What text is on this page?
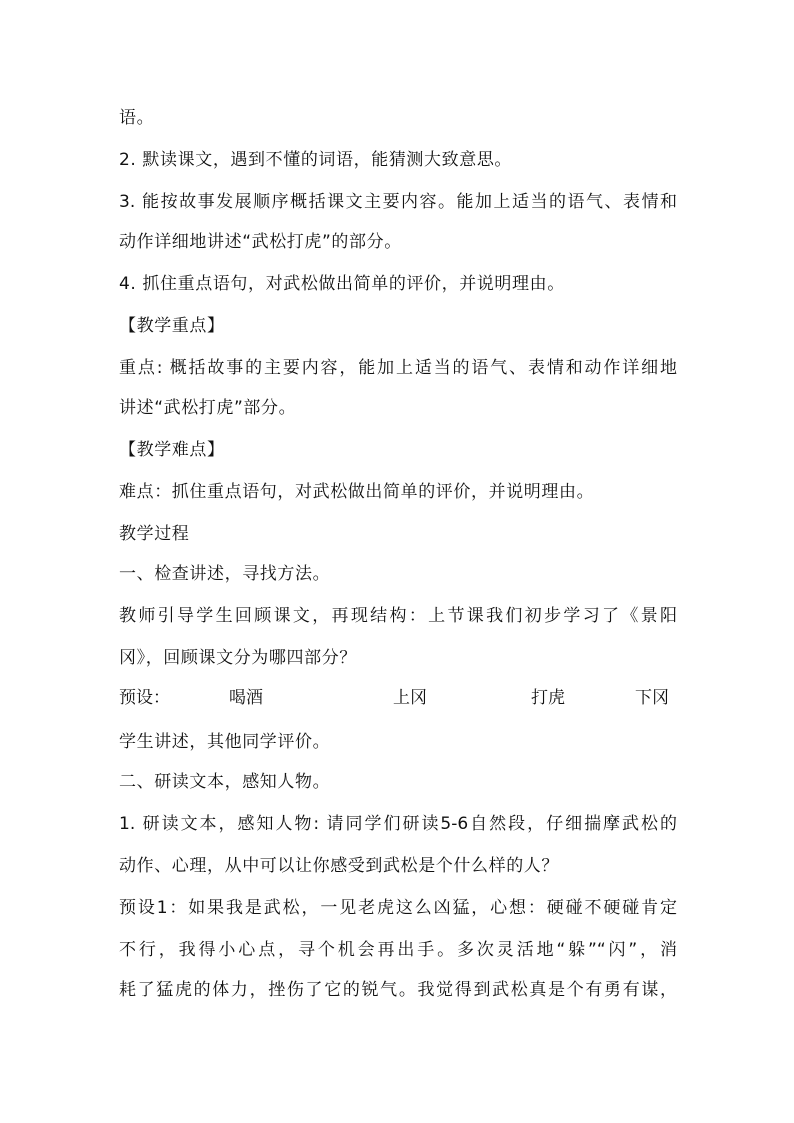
语。
2. 默读课文，遇到不懂的词语，能猜测大致意思。
3. 能按故事发展顺序概括课文主要内容。能加上适当的语气、表情和
动作详细地讲述“武松打虎”的部分。
4. 抓住重点语句，对武松做出简单的评价，并说明理由。
【教学重点】
重点: 概括故事的主要内容，能加上适当的语气、表情和动作详细地
讲述“武松打虎”部分。
【教学难点】
难点：抓住重点语句，对武松做出简单的评价，并说明理由。
教学过程
一、检查讲述，寻找方法。
教师引导学生回顾课文，再现结构：上节课我们初步学习了《景阳
冈》，回顾课文分为哪四部分？
预设：	喝酒	上冈	打虎	下冈
学生讲述，其他同学评价。
二、研读文本，感知人物。
1. 研读文本，感知人物: 请同学们研读5-6自然段，仔细揣摩武松的
动作、心理，从中可以让你感受到武松是个什么样的人？
预设1：如果我是武松，一见老虎这么凶猛，心想：硬碰不硬碰肯定
不行，我得小心点，寻个机会再出手。多次灵活地“躲”“闪”，消
耗了猛虎的体力，挫伤了它的锐气。我觉得到武松真是个有勇有谋，
